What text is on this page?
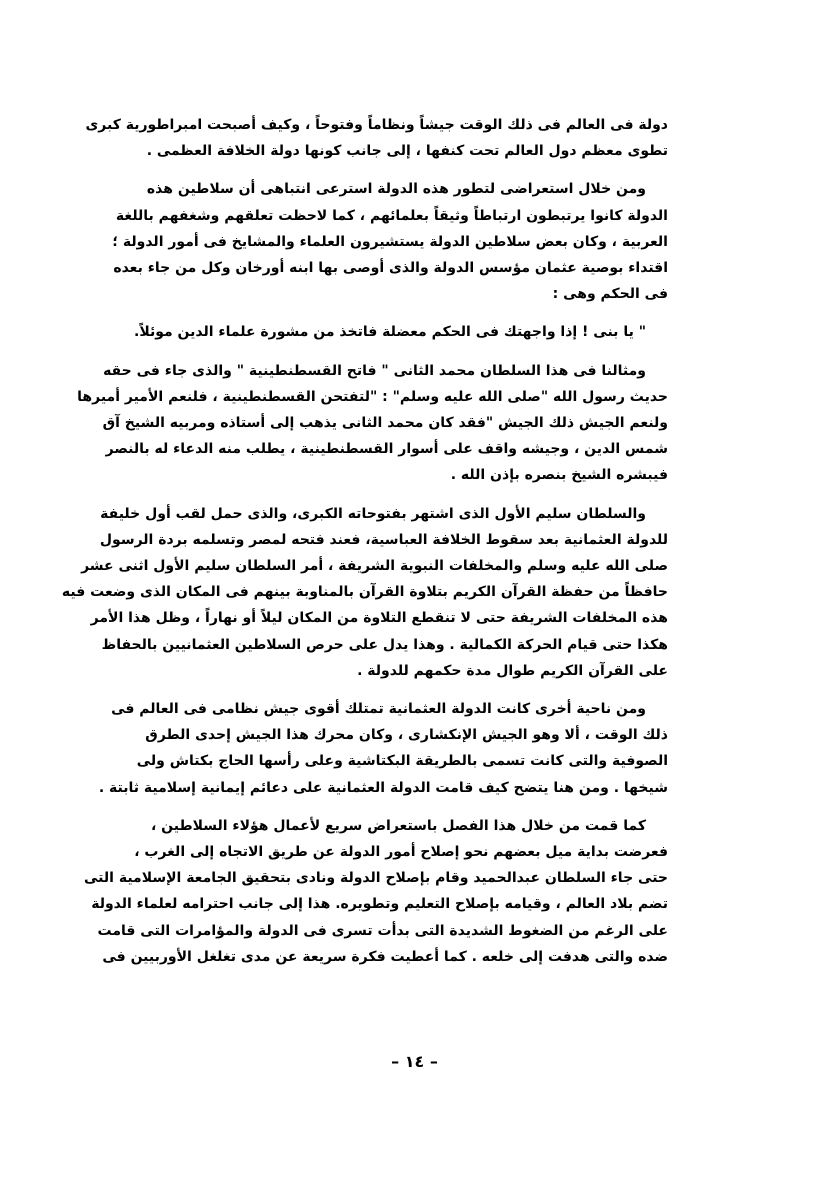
دولة فى العالم فى ذلك الوقت جيشاً ونظاماً وفتوحاً ، وكيف أصبحت امبراطورية كبرى
تطوى معظم دول العالم تحت كنفها ، إلى جانب كونها دولة الخلافة العظمى .

ومن خلال استعراضى لتطور هذه الدولة استرعى انتباهى أن سلاطين هذه
الدولة كانوا يرتبطون ارتباطاً وثيقاً بعلمائهم ، كما لاحظت تعلقهم وشغفهم باللغة
العربية ، وكان بعض سلاطين الدولة يستشيرون العلماء والمشايخ فى أمور الدولة ؛
اقتداء بوصية عثمان مؤسس الدولة والذى أوصى بها ابنه أورخان وكل من جاء بعده
فى الحكم وهى :

" يا بنى ! إذا واجهتك فى الحكم معضلة فاتخذ من مشورة علماء الدين موئلاً.

ومثالنا فى هذا السلطان محمد الثانى " فاتح القسطنطينية " والذى جاء فى حقه
حديث رسول الله "صلى الله عليه وسلم" : "لتفتحن القسطنطينية ، فلنعم الأمير أميرها
ولنعم الجيش ذلك الجيش "فقد كان محمد الثانى يذهب إلى أستاذه ومربيه الشيخ آق
شمس الدين ، وجيشه واقف على أسوار القسطنطينية ، يطلب منه الدعاء له بالنصر
فيبشره الشيخ بنصره بإذن الله .

والسلطان سليم الأول الذى اشتهر بفتوحاته الكبرى، والذى حمل لقب أول خليفة
للدولة العثمانية بعد سقوط الخلافة العباسية، فعند فتحه لمصر وتسلمه بردة الرسول
صلى الله عليه وسلم والمخلفات النبوية الشريفة ، أمر السلطان سليم الأول اثنى عشر
حافظاً من حفظة القرآن الكريم بتلاوة القرآن بالمناوبة بينهم فى المكان الذى وضعت فيه
هذه المخلفات الشريفة حتى لا تنقطع التلاوة من المكان ليلاً أو نهاراً ، وظل هذا الأمر
هكذا حتى قيام الحركة الكمالية . وهذا يدل على حرص السلاطين العثمانيين بالحفاظ
على القرآن الكريم طوال مدة حكمهم للدولة .

ومن ناحية أخرى كانت الدولة العثمانية تمتلك أقوى جيش نظامى فى العالم فى
ذلك الوقت ، ألا وهو الجيش الإنكشارى ، وكان محرك هذا الجيش إحدى الطرق
الصوفية والتى كانت تسمى بالطريقة البكتاشية وعلى رأسها الحاج بكتاش ولى
شيخها . ومن هنا يتضح كيف قامت الدولة العثمانية على دعائم إيمانية إسلامية ثابتة .

كما قمت من خلال هذا الفصل باستعراض سريع لأعمال هؤلاء السلاطين ،
فعرضت بداية ميل بعضهم نحو إصلاح أمور الدولة عن طريق الاتجاه إلى الغرب ،
حتى جاء السلطان عبدالحميد وقام بإصلاح الدولة ونادى بتحقيق الجامعة الإسلامية التى
تضم بلاد العالم ، وقيامه بإصلاح التعليم وتطويره. هذا إلى جانب احترامه لعلماء الدولة
على الرغم من الضغوط الشديدة التى بدأت تسرى فى الدولة والمؤامرات التى قامت
ضده والتى هدفت إلى خلعه . كما أعطيت فكرة سريعة عن مدى تغلغل الأوربيين فى

– ١٤ –
